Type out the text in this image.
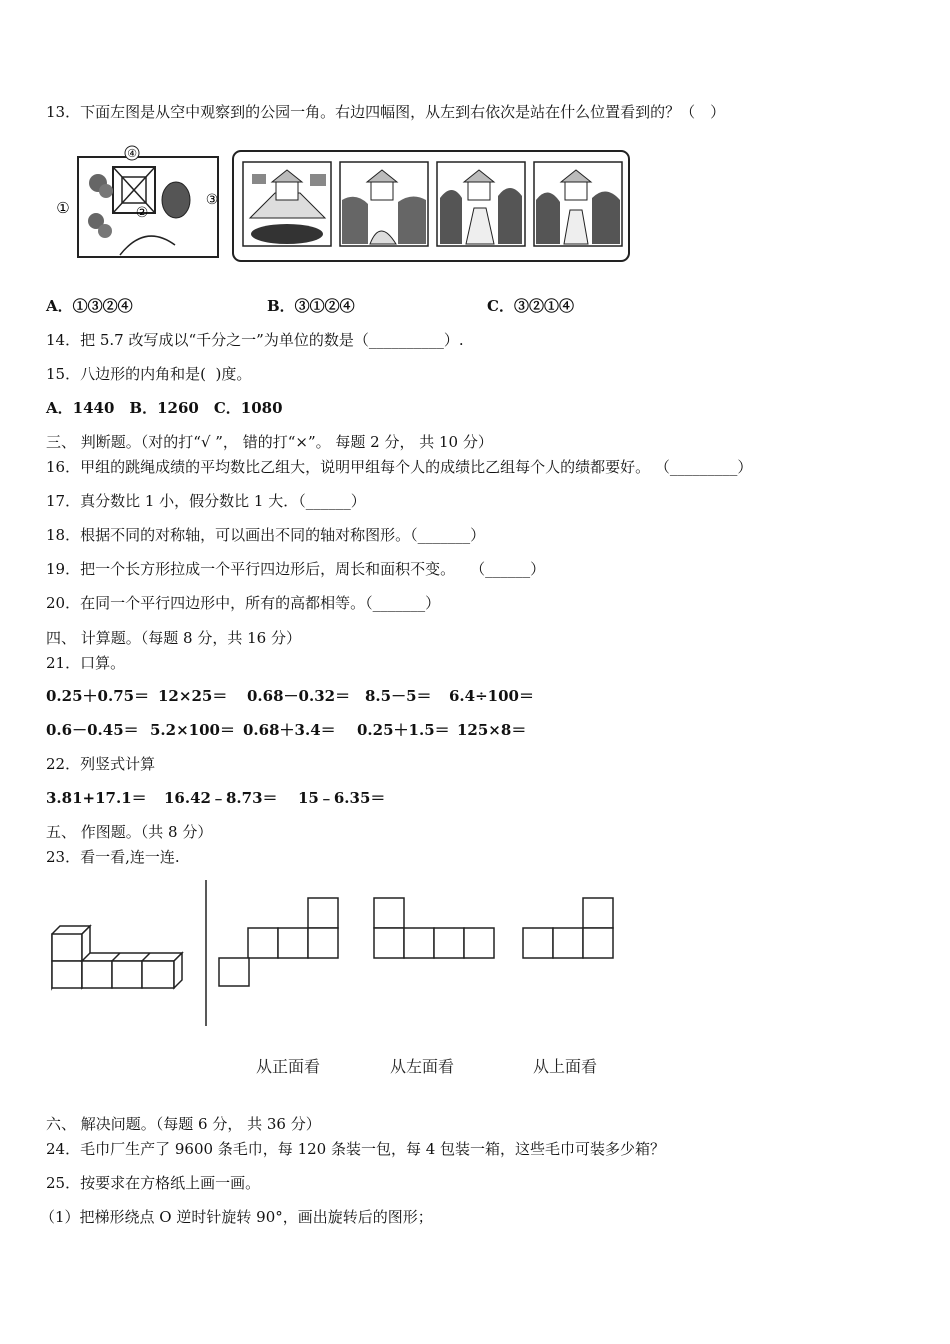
13．下面左图是从空中观察到的公园一角。右边四幅图，从左到右依次是站在什么位置看到的？（　）
④
①	③
②
A．①③②④	B．③①②④	C．③②①④
14．把 5.7 改写成以“千分之一”为单位的数是（__________）.
15．八边形的内角和是(  )度。
A．1440　B．1260　C．1080
三、 判断题。（对的打“√ ”， 错的打“×”。 每题 2 分， 共 10 分）
16．甲组的跳绳成绩的平均数比乙组大，说明甲组每个人的成绩比乙组每个人的绩都要好。 （_________）
17．真分数比 1 小，假分数比 1 大．（______）
18．根据不同的对称轴，可以画出不同的轴对称图形。（_______）
19．把一个长方形拉成一个平行四边形后，周长和面积不变。　　（______）
20．在同一个平行四边形中，所有的高都相等。（_______）
四、 计算题。（每题 8 分，共 16 分）
21．口算。
0.25＋0.75＝ 12×25＝ 0.68－0.32＝ 8.5－5＝ 6.4÷100＝
0.6－0.45＝ 5.2×100＝ 0.68＋3.4＝ 0.25＋1.5＝ 125×8＝
22．列竖式计算
3.81+17.1＝ 16.42﹣8.73＝ 15﹣6.35＝
五、 作图题。（共 8 分）
23．看一看,连一连.
从正面看	从左面看	从上面看
六、 解决问题。（每题 6 分， 共 36 分）
24．毛巾厂生产了 9600 条毛巾，每 120 条装一包，每 4 包装一箱，这些毛巾可装多少箱？
25．按要求在方格纸上画一画。
（1）把梯形绕点 O 逆时针旋转 90°，画出旋转后的图形；
